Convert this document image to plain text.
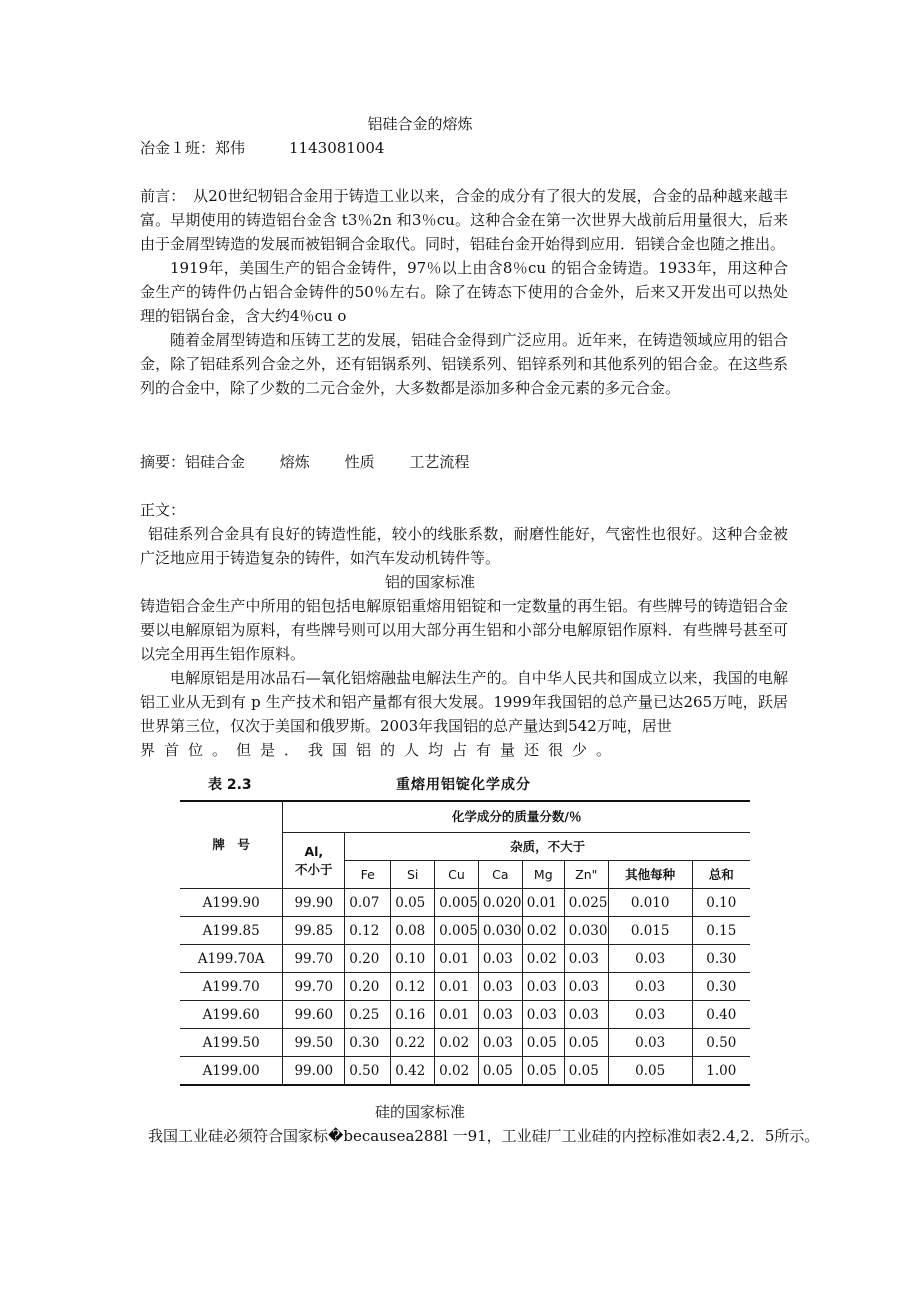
铝硅合金的熔炼
冶金１班：郑伟	1143081004

前言：　从20世纪牣铝合金用于铸造工业以来，合金的成分有了很大的发展，合金的品种越来越丰富。早期使用的铸造铝台金含 t3％2n 和3％cu。这种合金在第一次世界大战前后用量很大，后来由于金屑型铸造的发展而被铝铜合金取代。同时，铝硅台金开始得到应用．铝镁合金也随之推出。

1919年，美国生产的铝合金铸件，97％以上由含8％cu 的铝合金铸造。1933年，用这种合金生产的铸件仍占铝合金铸件的50％左右。除了在铸态下使用的合金外，后来又开发出可以热处理的铝锅台金，含大约4％cu o

随着金屑型铸造和压铸工艺的发展，铝硅合金得到广泛应用。近年来，在铸造领域应用的铝合金，除了铝硅系列合金之外，还有铝锅系列、铝镁系列、铝锌系列和其他系列的铝合金。在这些系列的合金中，除了少数的二元合金外，大多数都是添加多种合金元素的多元合金。

摘要：铝硅合金 熔炼 性质 工艺流程
正文：

铝硅系列合金具有良好的铸造性能，较小的线胀系数，耐磨性能好，气密性也很好。这种合金被广泛地应用于铸造复杂的铸件，如汽车发动机铸件等。

铝的国家标准

铸造铝合金生产中所用的铝包括电解原铝重熔用铝锭和一定数量的再生铝。有些牌号的铸造铝合金要以电解原铝为原料，有些牌号则可以用大部分再生铝和小部分电解原铝作原料．有些牌号甚至可以完全用再生铝作原料。

电解原铝是用冰品石—氧化铝熔融盐电解法生产的。自中华人民共和国成立以来，我国的电解铝工业从无到有 p 生产技术和铝产量都有很大发展。1999年我国铝的总产量已达265万吨，跃居世界第三位，仅次于美国和俄罗斯。2003年我国铝的总产量达到542万吨，居世

界首位。但是．我国铝的人均占有量还很少。

表 2.3	重熔用铝锭化学成分
牌　号	化学成分的质量分数/％								

	Al,
不小于	杂质，不大于							
		Fe	Si	Cu	Ca	Mg	Zn"	其他每种	总和
A199.90	99.90	0.07	0.05	0.005	0.020	0.01	0.025	0.010	0.10
A199.85	99.85	0.12	0.08	0.005	0.030	0.02	0.030	0.015	0.15
A199.70A	99.70	0.20	0.10	0.01	0.03	0.02	0.03	0.03	0.30
A199.70	99.70	0.20	0.12	0.01	0.03	0.03	0.03	0.03	0.30
A199.60	99.60	0.25	0.16	0.01	0.03	0.03	0.03	0.03	0.40
A199.50	99.50	0.30	0.22	0.02	0.03	0.05	0.05	0.03	0.50
A199.00	99.00	0.50	0.42	0.02	0.05	0.05	0.05	0.05	1.00
硅的国家标准
我国工业硅必须符合国家标�becausea288l 一91，工业硅厂工业硅的内控标准如表2.4,2．5所示。
